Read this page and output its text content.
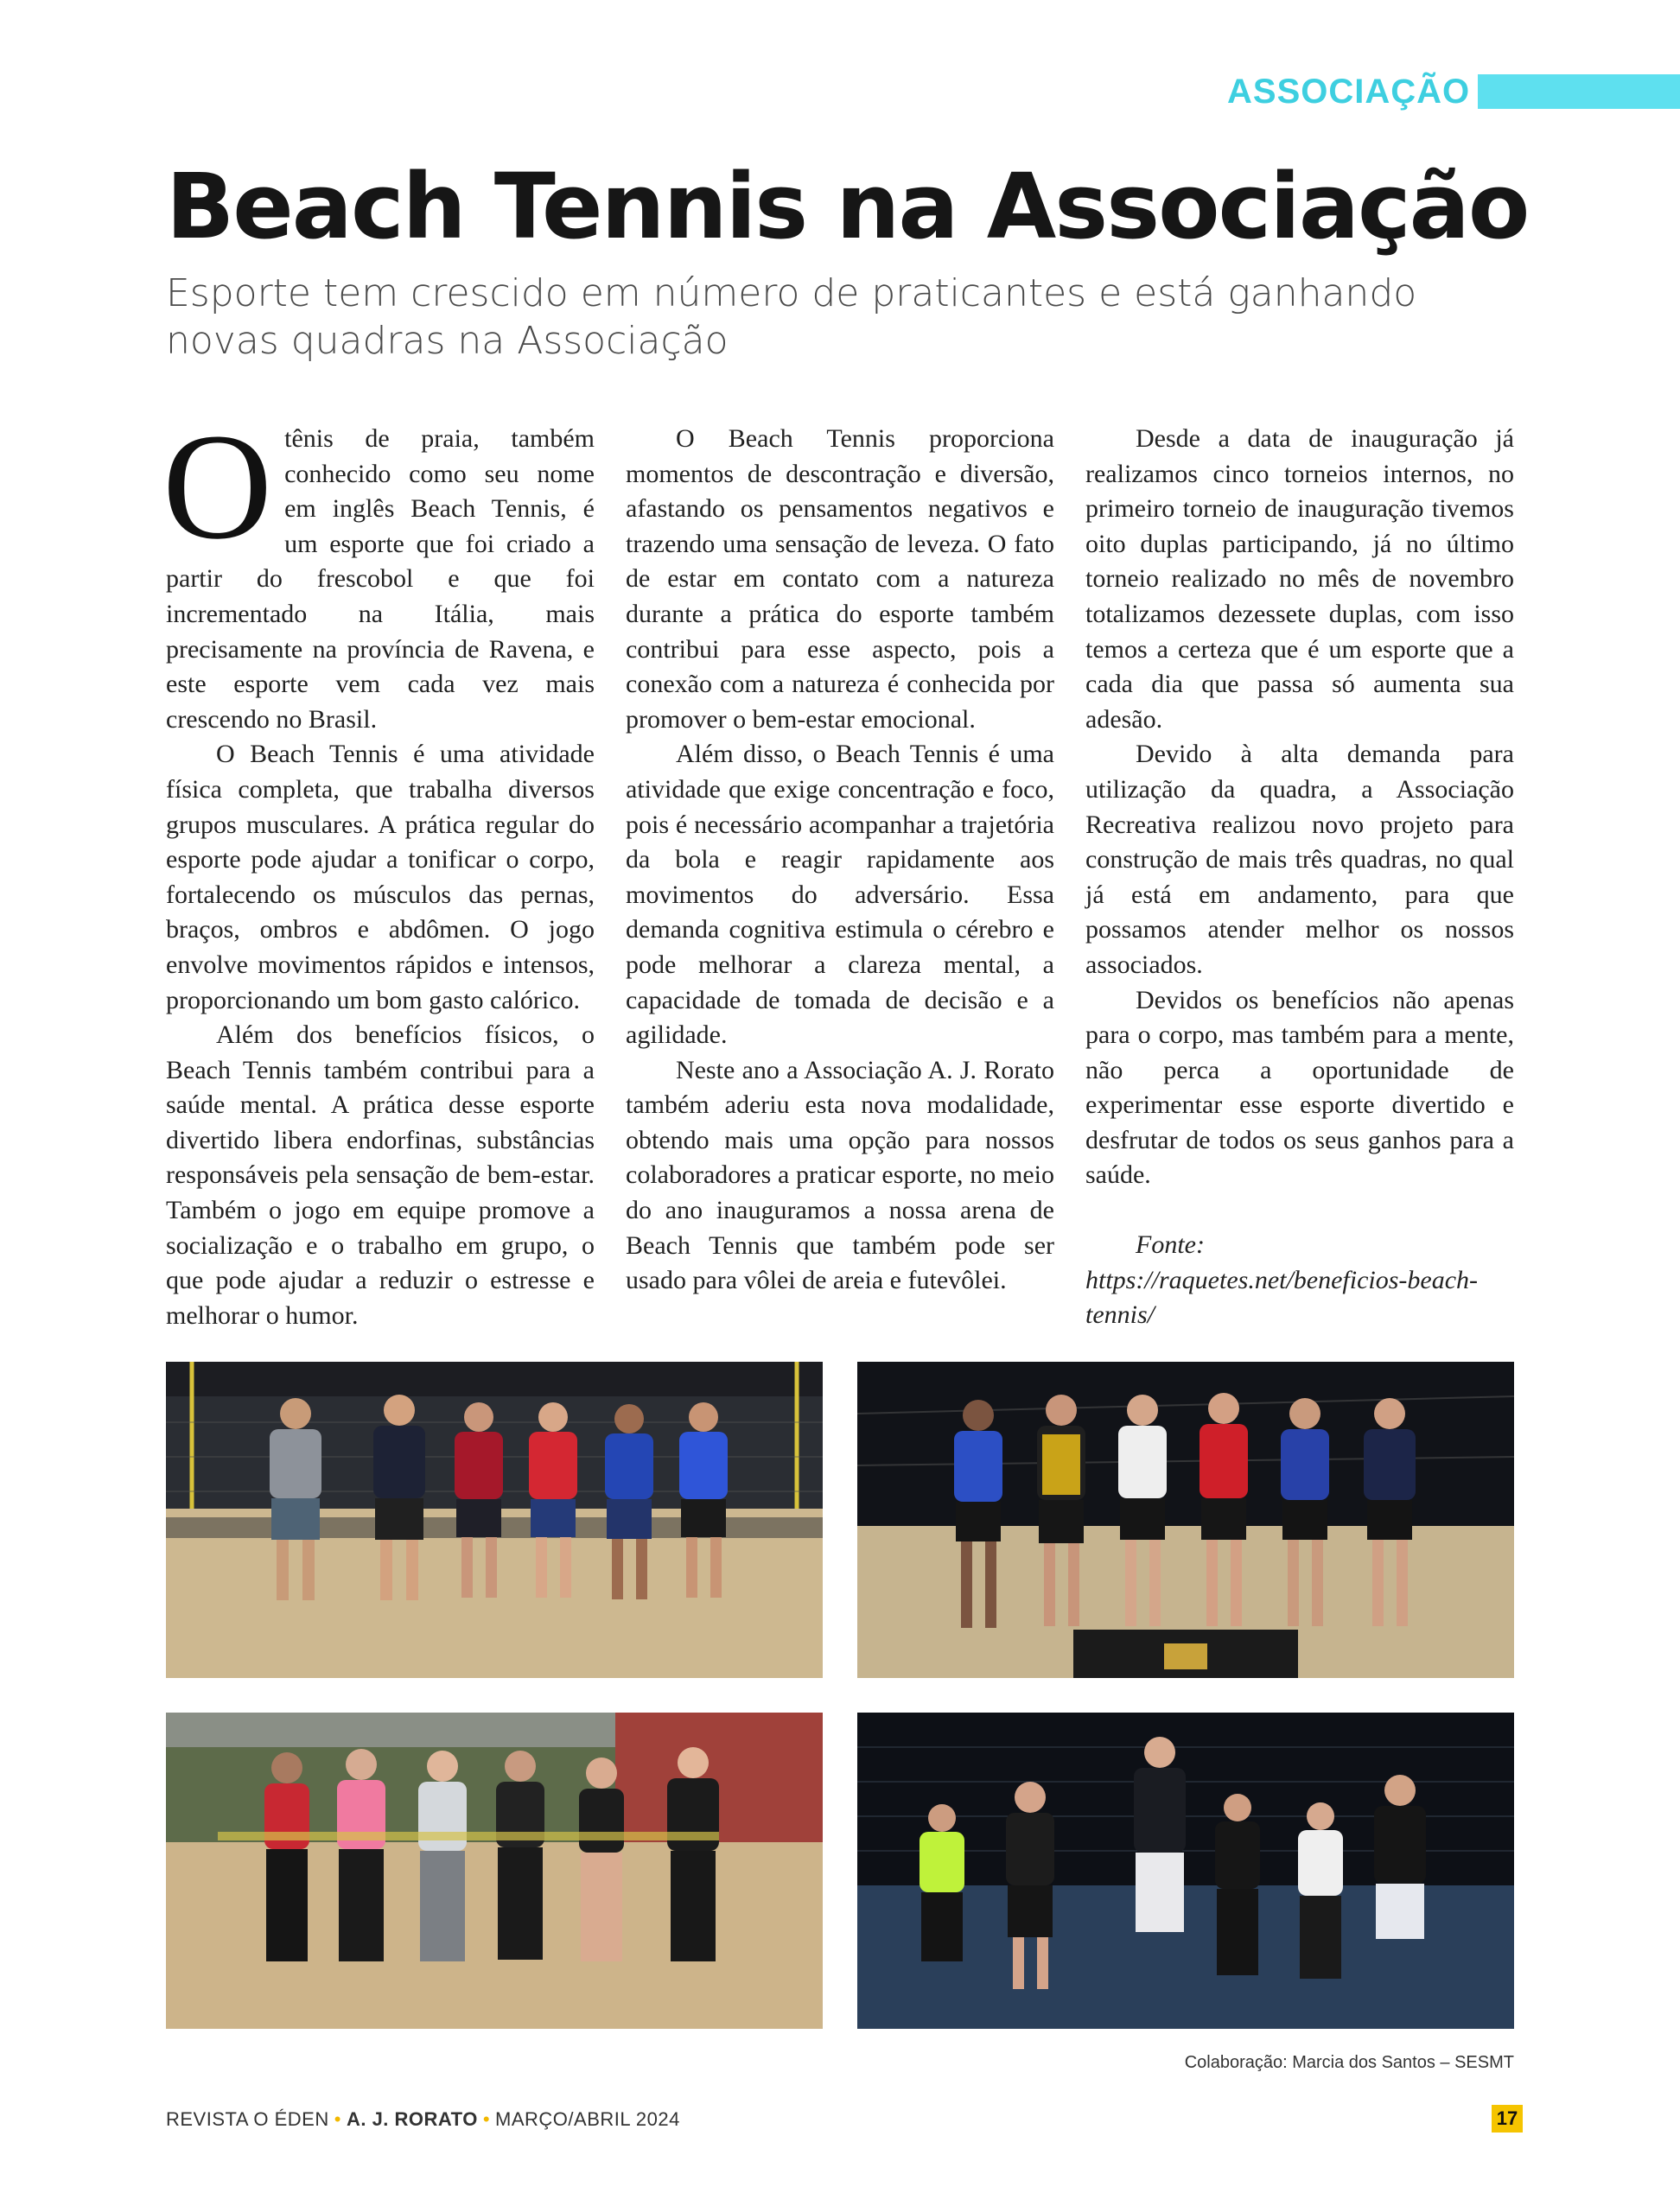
ASSOCIAÇÃO
Beach Tennis na Associação

Esporte tem crescido em número de praticantes e está ganhando novas quadras na Associação

Otênis de praia, também conhecido como seu nome em inglês Beach Tennis, é um esporte que foi criado a partir do frescobol e que foi incrementado na Itália, mais precisamente na província de Ravena, e este esporte vem cada vez mais crescendo no Brasil.

O Beach Tennis é uma atividade física completa, que trabalha diversos grupos musculares. A prática regular do esporte pode ajudar a tonificar o corpo, fortalecendo os músculos das pernas, braços, ombros e abdômen. O jogo envolve movimentos rápidos e intensos, proporcionando um bom gasto calórico.

Além dos benefícios físicos, o Beach Tennis também contribui para a saúde mental. A prática desse esporte divertido libera endorfinas, substâncias responsáveis pela sensação de bem-estar. Também o jogo em equipe promove a socialização e o trabalho em grupo, o que pode ajudar a reduzir o estresse e melhorar o humor.

O Beach Tennis proporciona momentos de descontração e diversão, afastando os pensamentos negativos e trazendo uma sensação de leveza. O fato de estar em contato com a natureza durante a prática do esporte também contribui para esse aspecto, pois a conexão com a natureza é conhecida por promover o bem-estar emocional.

Além disso, o Beach Tennis é uma atividade que exige concentração e foco, pois é necessário acompanhar a trajetória da bola e reagir rapidamente aos movimentos do adversário. Essa demanda cognitiva estimula o cérebro e pode melhorar a clareza mental, a capacidade de tomada de decisão e a agilidade.

Neste ano a Associação A. J. Rorato também aderiu esta nova modalidade, obtendo mais uma opção para nossos colaboradores a praticar esporte, no meio do ano inauguramos a nossa arena de Beach Tennis que também pode ser usado para vôlei de areia e futevôlei.

Desde a data de inauguração já realizamos cinco torneios internos, no primeiro torneio de inauguração tivemos oito duplas participando, já no último torneio realizado no mês de novembro totalizamos dezessete duplas, com isso temos a certeza que é um esporte que a cada dia que passa só aumenta sua adesão.

Devido à alta demanda para utilização da quadra, a Associação Recreativa realizou novo projeto para construção de mais três quadras, no qual já está em andamento, para que possamos atender melhor os nossos associados.

Devidos os benefícios não apenas para o corpo, mas também para a mente, não perca a oportunidade de experimentar esse esporte divertido e desfrutar de todos os seus ganhos para a saúde.

Fonte: https://raquetes.net/beneficios-beach-tennis/

Colaboração: Marcia dos Santos – SESMT
REVISTA O ÉDEN • A. J. RORATO • MARÇO/ABRIL 2024	17
